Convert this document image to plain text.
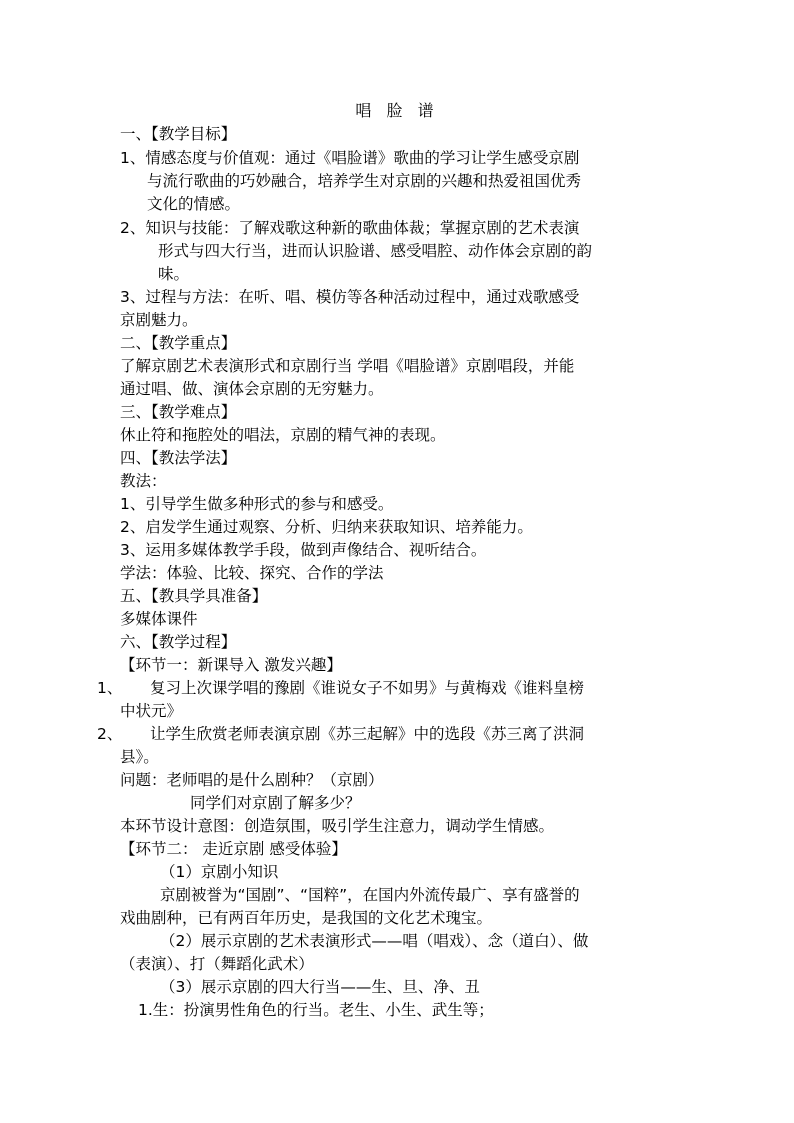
唱 脸 谱
一、【教学目标】
1、情感态度与价值观：通过《唱脸谱》歌曲的学习让学生感受京剧
与流行歌曲的巧妙融合，培养学生对京剧的兴趣和热爱祖国优秀
文化的情感。
2、知识与技能：了解戏歌这种新的歌曲体裁；掌握京剧的艺术表演
形式与四大行当，进而认识脸谱、感受唱腔、动作体会京剧的韵
味。
3、过程与方法：在听、唱、模仿等各种活动过程中，通过戏歌感受
京剧魅力。
二、【教学重点】
了解京剧艺术表演形式和京剧行当 学唱《唱脸谱》京剧唱段，并能
通过唱、做、演体会京剧的无穷魅力。
三、【教学难点】
休止符和拖腔处的唱法，京剧的精气神的表现。
四、【教法学法】
教法：
1、引导学生做多种形式的参与和感受。
2、启发学生通过观察、分析、归纳来获取知识、培养能力。
3、运用多媒体教学手段，做到声像结合、视听结合。
学法：体验、比较、探究、合作的学法
五、【教具学具准备】
多媒体课件
六、【教学过程】
【环节一：新课导入 激发兴趣】
1、 复习上次课学唱的豫剧《谁说女子不如男》与黄梅戏《谁料皇榜
中状元》
2、 让学生欣赏老师表演京剧《苏三起解》中的选段《苏三离了洪洞
县》。
问题：老师唱的是什么剧种？（京剧）
同学们对京剧了解多少？
本环节设计意图：创造氛围，吸引学生注意力，调动学生情感。
【环节二： 走近京剧 感受体验】
（1）京剧小知识
京剧被誉为“国剧”、“国粹”，在国内外流传最广、享有盛誉的
戏曲剧种，已有两百年历史，是我国的文化艺术瑰宝。
（2）展示京剧的艺术表演形式——唱（唱戏）、念（道白）、做
（表演）、打（舞蹈化武术）
（3）展示京剧的四大行当——生、旦、净、丑
1.生：扮演男性角色的行当。老生、小生、武生等；
